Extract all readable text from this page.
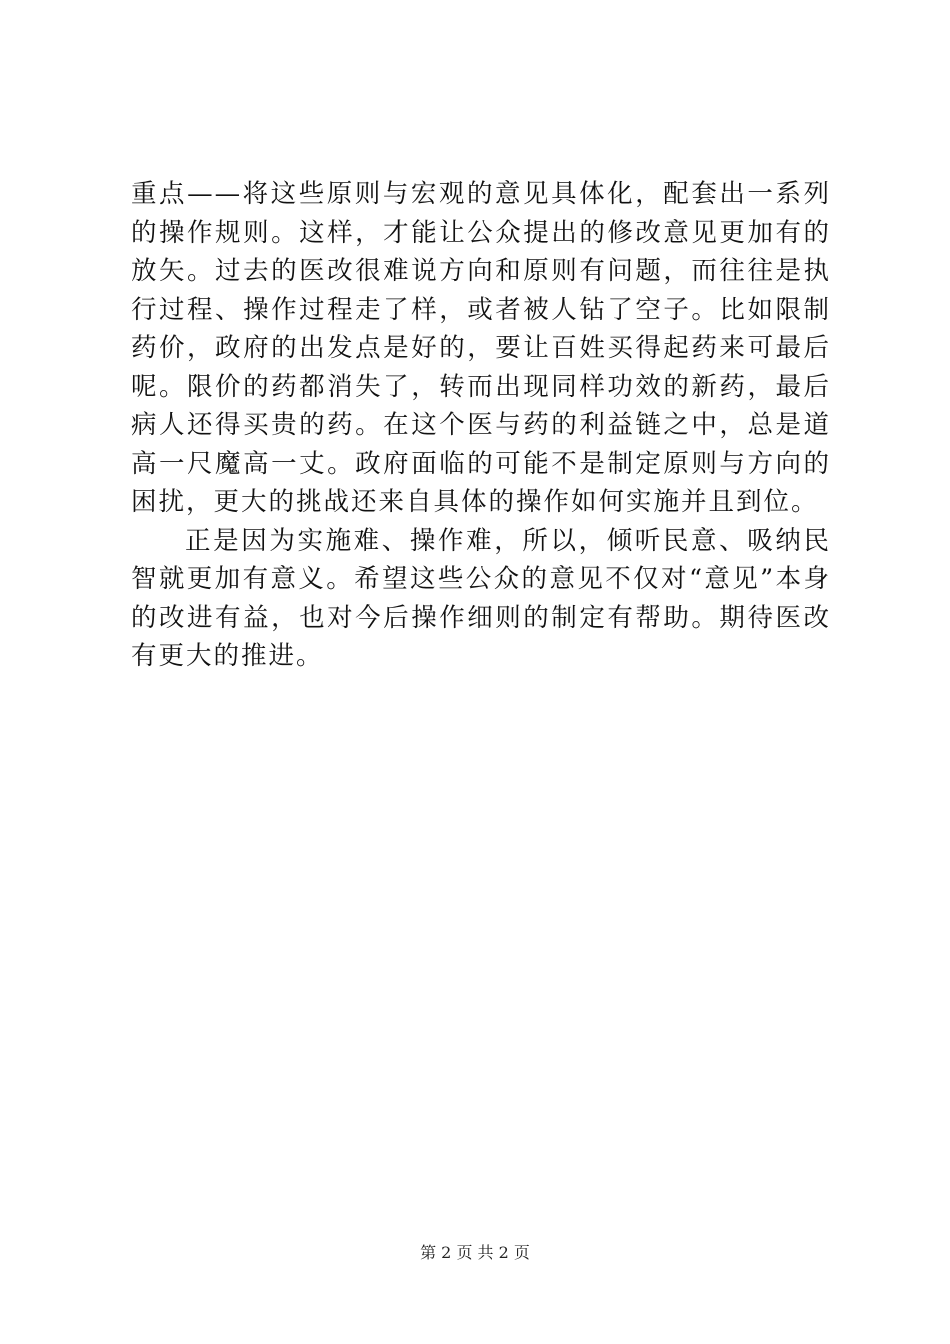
重点——将这些原则与宏观的意见具体化，配套出一系列的操作规则。这样，才能让公众提出的修改意见更加有的放矢。过去的医改很难说方向和原则有问题，而往往是执行过程、操作过程走了样，或者被人钻了空子。比如限制药价，政府的出发点是好的，要让百姓买得起药来可最后呢。限价的药都消失了，转而出现同样功效的新药，最后病人还得买贵的药。在这个医与药的利益链之中，总是道高一尺魔高一丈。政府面临的可能不是制定原则与方向的困扰，更大的挑战还来自具体的操作如何实施并且到位。

正是因为实施难、操作难，所以，倾听民意、吸纳民智就更加有意义。希望这些公众的意见不仅对“意见”本身的改进有益，也对今后操作细则的制定有帮助。期待医改有更大的推进。

第 2 页 共 2 页
